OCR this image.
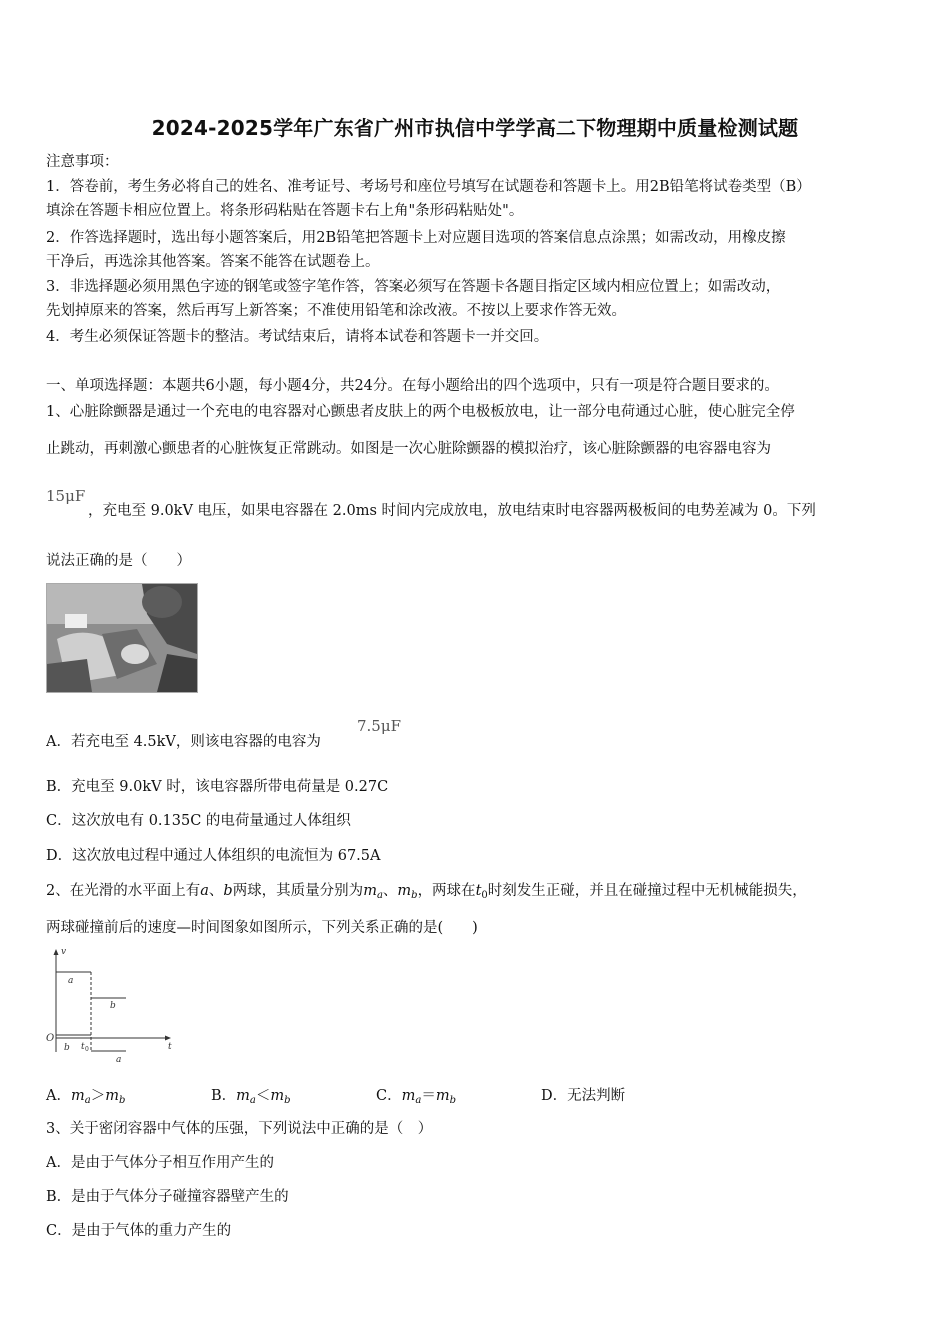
2024-2025学年广东省广州市执信中学学高二下物理期中质量检测试题
注意事项：
1．答卷前，考生务必将自己的姓名、准考证号、考场号和座位号填写在试题卷和答题卡上。用2B铅笔将试卷类型（B）
填涂在答题卡相应位置上。将条形码粘贴在答题卡右上角"条形码粘贴处"。
2．作答选择题时，选出每小题答案后，用2B铅笔把答题卡上对应题目选项的答案信息点涂黑；如需改动，用橡皮擦
干净后，再选涂其他答案。答案不能答在试题卷上。
3．非选择题必须用黑色字迹的钢笔或签字笔作答，答案必须写在答题卡各题目指定区域内相应位置上；如需改动，
先划掉原来的答案，然后再写上新答案；不准使用铅笔和涂改液。不按以上要求作答无效。
4．考生必须保证答题卡的整洁。考试结束后，请将本试卷和答题卡一并交回。
一、单项选择题：本题共6小题，每小题4分，共24分。在每小题给出的四个选项中，只有一项是符合题目要求的。
1、心脏除颤器是通过一个充电的电容器对心颤患者皮肤上的两个电极板放电，让一部分电荷通过心脏，使心脏完全停
止跳动，再刺激心颤患者的心脏恢复正常跳动。如图是一次心脏除颤器的模拟治疗，该心脏除颤器的电容器电容为
15μF
，充电至 9.0kV 电压，如果电容器在 2.0ms 时间内完成放电，放电结束时电容器两极板间的电势差减为 0。下列
说法正确的是（　　）
A．若充电至 4.5kV，则该电容器的电容为
7.5μF
B．充电至 9.0kV 时，该电容器所带电荷量是 0.27C
C．这次放电有 0.135C 的电荷量通过人体组织
D．这次放电过程中通过人体组织的电流恒为 67.5A
2、在光滑的水平面上有a、b两球，其质量分别为$m_a$、$m_b$，两球在$t_0$时刻发生正碰，并且在碰撞过程中无机械能损失，
两球碰撞前后的速度—时间图象如图所示，下列关系正确的是(　　)
v
t
O
a
b
b
t 0
a
A．$m_a>m_b$	B．$m_a<m_b$	C．$m_a=m_b$	D．无法判断
3、关于密闭容器中气体的压强，下列说法中正确的是（　）
A．是由于气体分子相互作用产生的
B．是由于气体分子碰撞容器壁产生的
C．是由于气体的重力产生的
